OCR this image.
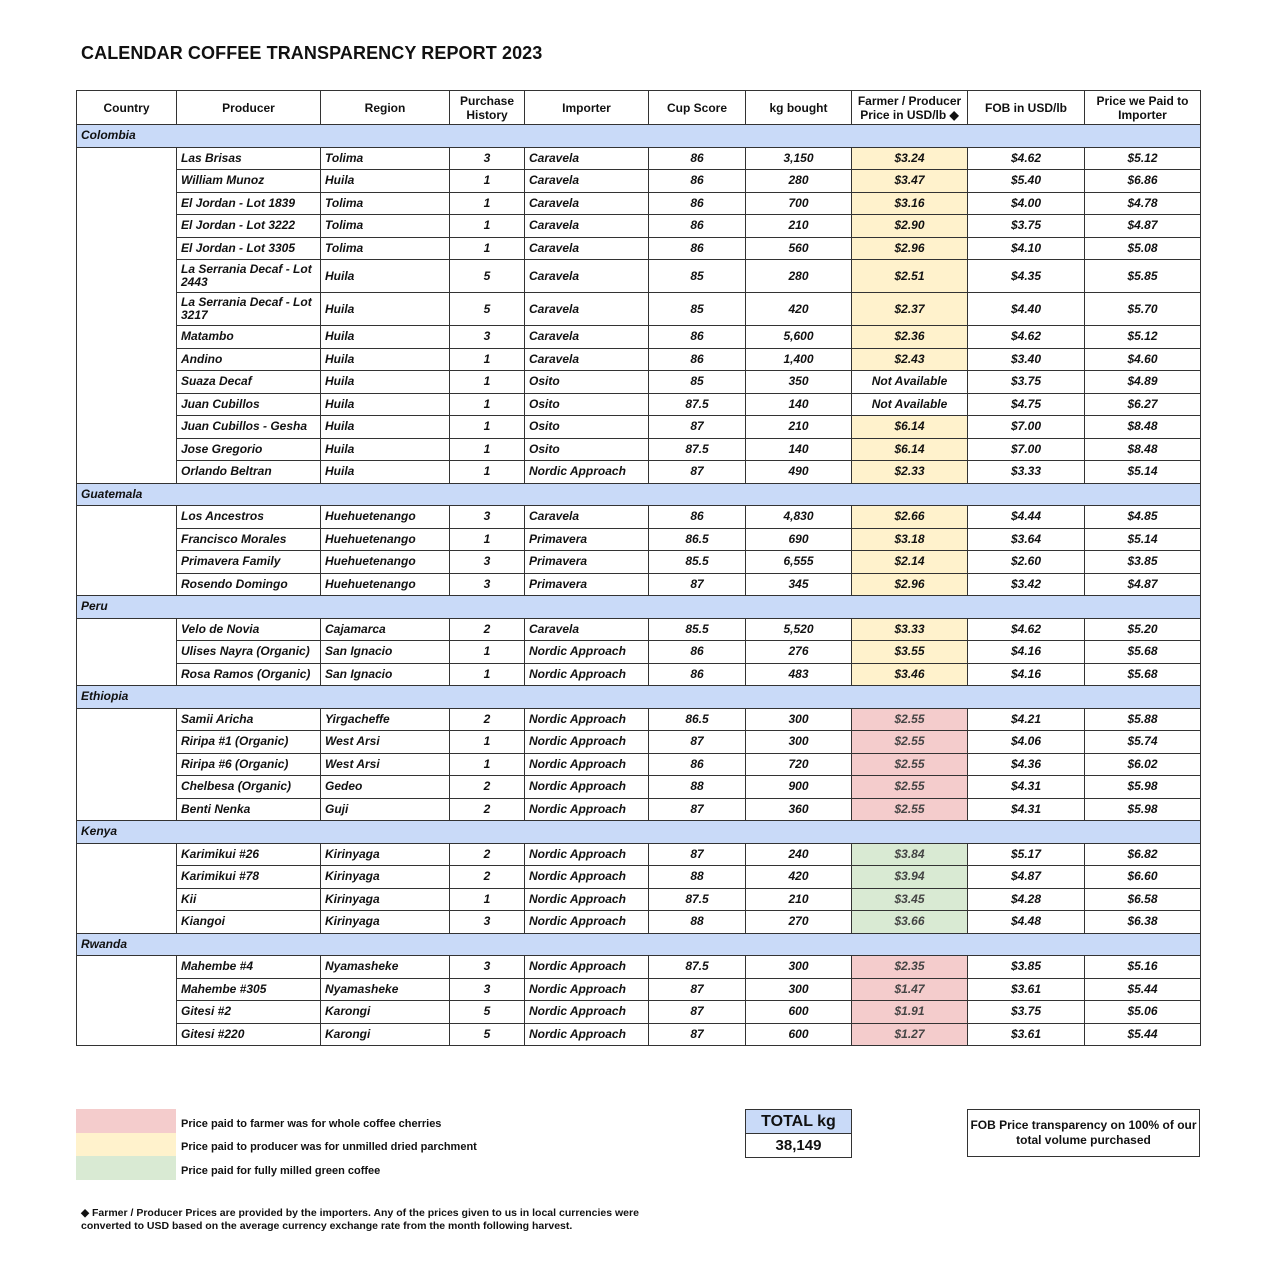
CALENDAR COFFEE TRANSPARENCY REPORT 2023
Country	Producer	Region	Purchase History	Importer	Cup Score	kg bought	Farmer / Producer Price in USD/lb ◆	FOB in USD/lb	Price we Paid to Importer
Colombia									
	Las Brisas	Tolima	3	Caravela	86	3,150	$3.24	$4.62	$5.12
	William Munoz	Huila	1	Caravela	86	280	$3.47	$5.40	$6.86
	El Jordan - Lot 1839	Tolima	1	Caravela	86	700	$3.16	$4.00	$4.78
	El Jordan - Lot 3222	Tolima	1	Caravela	86	210	$2.90	$3.75	$4.87
	El Jordan - Lot 3305	Tolima	1	Caravela	86	560	$2.96	$4.10	$5.08
	La Serrania Decaf - Lot 2443	Huila	5	Caravela	85	280	$2.51	$4.35	$5.85
	La Serrania Decaf - Lot 3217	Huila	5	Caravela	85	420	$2.37	$4.40	$5.70
	Matambo	Huila	3	Caravela	86	5,600	$2.36	$4.62	$5.12
	Andino	Huila	1	Caravela	86	1,400	$2.43	$3.40	$4.60
	Suaza Decaf	Huila	1	Osito	85	350	Not Available	$3.75	$4.89
	Juan Cubillos	Huila	1	Osito	87.5	140	Not Available	$4.75	$6.27
	Juan Cubillos - Gesha	Huila	1	Osito	87	210	$6.14	$7.00	$8.48
	Jose Gregorio	Huila	1	Osito	87.5	140	$6.14	$7.00	$8.48
	Orlando Beltran	Huila	1	Nordic Approach	87	490	$2.33	$3.33	$5.14
Guatemala									
	Los Ancestros	Huehuetenango	3	Caravela	86	4,830	$2.66	$4.44	$4.85
	Francisco Morales	Huehuetenango	1	Primavera	86.5	690	$3.18	$3.64	$5.14
	Primavera Family	Huehuetenango	3	Primavera	85.5	6,555	$2.14	$2.60	$3.85
	Rosendo Domingo	Huehuetenango	3	Primavera	87	345	$2.96	$3.42	$4.87
Peru									
	Velo de Novia	Cajamarca	2	Caravela	85.5	5,520	$3.33	$4.62	$5.20
	Ulises Nayra (Organic)	San Ignacio	1	Nordic Approach	86	276	$3.55	$4.16	$5.68
	Rosa Ramos (Organic)	San Ignacio	1	Nordic Approach	86	483	$3.46	$4.16	$5.68
Ethiopia									
	Samii Aricha	Yirgacheffe	2	Nordic Approach	86.5	300	$2.55	$4.21	$5.88
	Riripa #1 (Organic)	West Arsi	1	Nordic Approach	87	300	$2.55	$4.06	$5.74
	Riripa #6 (Organic)	West Arsi	1	Nordic Approach	86	720	$2.55	$4.36	$6.02
	Chelbesa (Organic)	Gedeo	2	Nordic Approach	88	900	$2.55	$4.31	$5.98
	Benti Nenka	Guji	2	Nordic Approach	87	360	$2.55	$4.31	$5.98
Kenya									
	Karimikui #26	Kirinyaga	2	Nordic Approach	87	240	$3.84	$5.17	$6.82
	Karimikui #78	Kirinyaga	2	Nordic Approach	88	420	$3.94	$4.87	$6.60
	Kii	Kirinyaga	1	Nordic Approach	87.5	210	$3.45	$4.28	$6.58
	Kiangoi	Kirinyaga	3	Nordic Approach	88	270	$3.66	$4.48	$6.38
Rwanda									
	Mahembe #4	Nyamasheke	3	Nordic Approach	87.5	300	$2.35	$3.85	$5.16
	Mahembe #305	Nyamasheke	3	Nordic Approach	87	300	$1.47	$3.61	$5.44
	Gitesi #2	Karongi	5	Nordic Approach	87	600	$1.91	$3.75	$5.06
	Gitesi #220	Karongi	5	Nordic Approach	87	600	$1.27	$3.61	$5.44
Price paid to farmer was for whole coffee cherries
Price paid to producer was for unmilled dried parchment
Price paid for fully milled green coffee
TOTAL kg
38,149
FOB Price transparency on 100% of our total volume purchased
◆ Farmer / Producer Prices are provided by the importers. Any of the prices given to us in local currencies were converted to USD based on the average currency exchange rate from the month following harvest.
